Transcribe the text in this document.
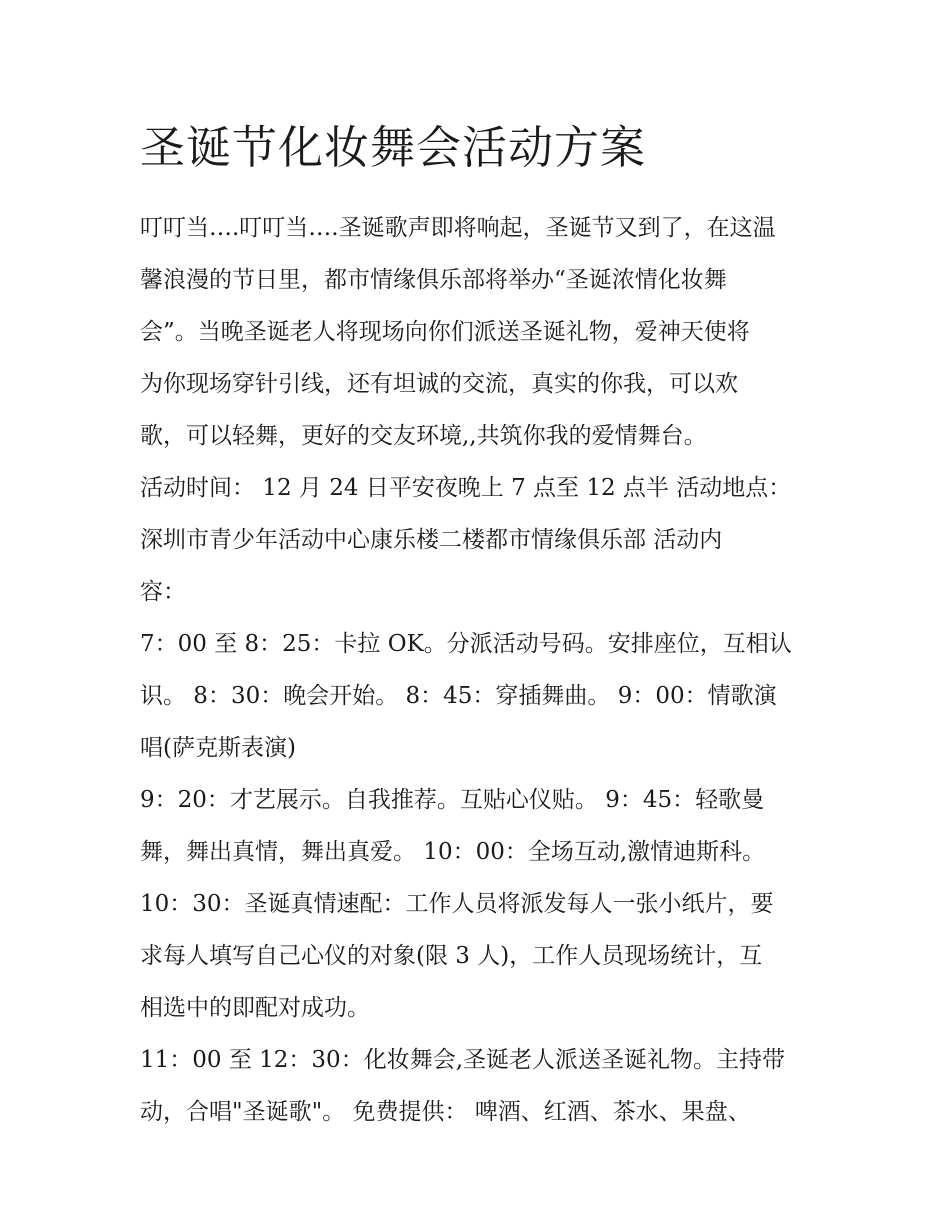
圣诞节化妆舞会活动方案

叮叮当….叮叮当….圣诞歌声即将响起，圣诞节又到了，在这温

馨浪漫的节日里，都市情缘俱乐部将举办“圣诞浓情化妆舞

会”。当晚圣诞老人将现场向你们派送圣诞礼物，爱神天使将

为你现场穿针引线，还有坦诚的交流，真实的你我，可以欢

歌，可以轻舞，更好的交友环境,,共筑你我的爱情舞台。

活动时间： 12 月 24 日平安夜晚上 7 点至 12 点半 活动地点：

深圳市青少年活动中心康乐楼二楼都市情缘俱乐部 活动内

容：

7：00 至 8：25：卡拉 OK。分派活动号码。安排座位，互相认

识。 8：30：晚会开始。 8：45：穿插舞曲。 9：00：情歌演

唱(萨克斯表演)

9：20：才艺展示。自我推荐。互贴心仪贴。 9：45：轻歌曼

舞，舞出真情，舞出真爱。 10：00：全场互动,激情迪斯科。

10：30：圣诞真情速配：工作人员将派发每人一张小纸片，要

求每人填写自己心仪的对象(限 3 人)，工作人员现场统计，互

相选中的即配对成功。

11：00 至 12：30：化妆舞会,圣诞老人派送圣诞礼物。主持带

动，合唱"圣诞歌"。 免费提供： 啤酒、红酒、茶水、果盘、
